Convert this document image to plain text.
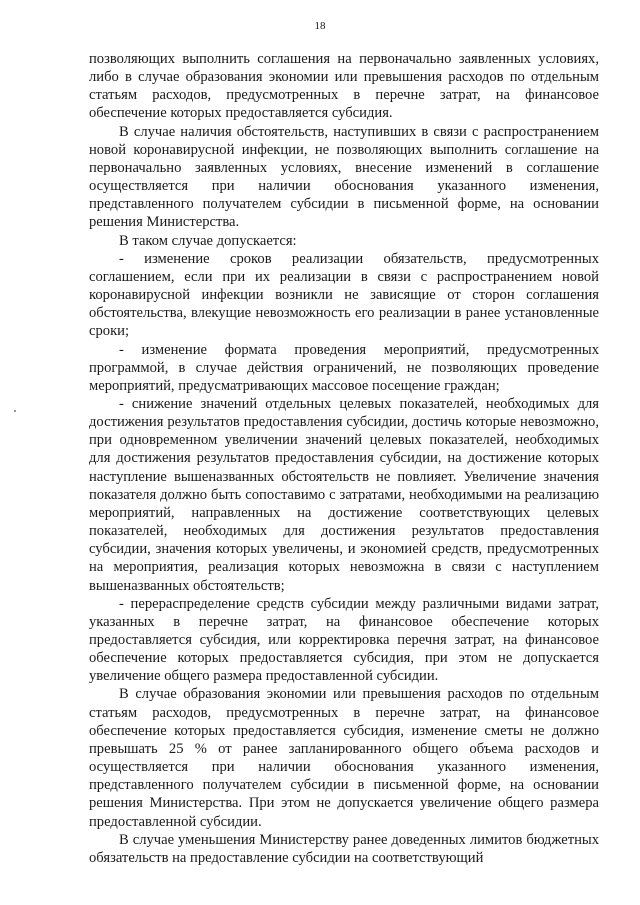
18

позволяющих выполнить соглашения на первоначально заявленных условиях, либо в случае образования экономии или превышения расходов по отдельным статьям расходов, предусмотренных в перечне затрат, на финансовое обеспечение которых предоставляется субсидия.

В случае наличия обстоятельств, наступивших в связи с распространением новой коронавирусной инфекции, не позволяющих выполнить соглашение на первоначально заявленных условиях, внесение изменений в соглашение осуществляется при наличии обоснования указанного изменения, представленного получателем субсидии в письменной форме, на основании решения Министерства.

В таком случае допускается:

- изменение сроков реализации обязательств, предусмотренных соглашением, если при их реализации в связи с распространением новой коронавирусной инфекции возникли не зависящие от сторон соглашения обстоятельства, влекущие невозможность его реализации в ранее установленные сроки;

- изменение формата проведения мероприятий, предусмотренных программой, в случае действия ограничений, не позволяющих проведение мероприятий, предусматривающих массовое посещение граждан;

- снижение значений отдельных целевых показателей, необходимых для достижения результатов предоставления субсидии, достичь которые невозможно, при одновременном увеличении значений целевых показателей, необходимых для достижения результатов предоставления субсидии, на достижение которых наступление вышеназванных обстоятельств не повлияет. Увеличение значения показателя должно быть сопоставимо с затратами, необходимыми на реализацию мероприятий, направленных на достижение соответствующих целевых показателей, необходимых для достижения результатов предоставления субсидии, значения которых увеличены, и экономией средств, предусмотренных на мероприятия, реализация которых невозможна в связи с наступлением вышеназванных обстоятельств;

- перераспределение средств субсидии между различными видами затрат, указанных в перечне затрат, на финансовое обеспечение которых предоставляется субсидия, или корректировка перечня затрат, на финансовое обеспечение которых предоставляется субсидия, при этом не допускается увеличение общего размера предоставленной субсидии.

В случае образования экономии или превышения расходов по отдельным статьям расходов, предусмотренных в перечне затрат, на финансовое обеспечение которых предоставляется субсидия, изменение сметы не должно превышать 25 % от ранее запланированного общего объема расходов и осуществляется при наличии обоснования указанного изменения, представленного получателем субсидии в письменной форме, на основании решения Министерства. При этом не допускается увеличение общего размера предоставленной субсидии.

В случае уменьшения Министерству ранее доведенных лимитов бюджетных обязательств на предоставление субсидии на соответствующий
